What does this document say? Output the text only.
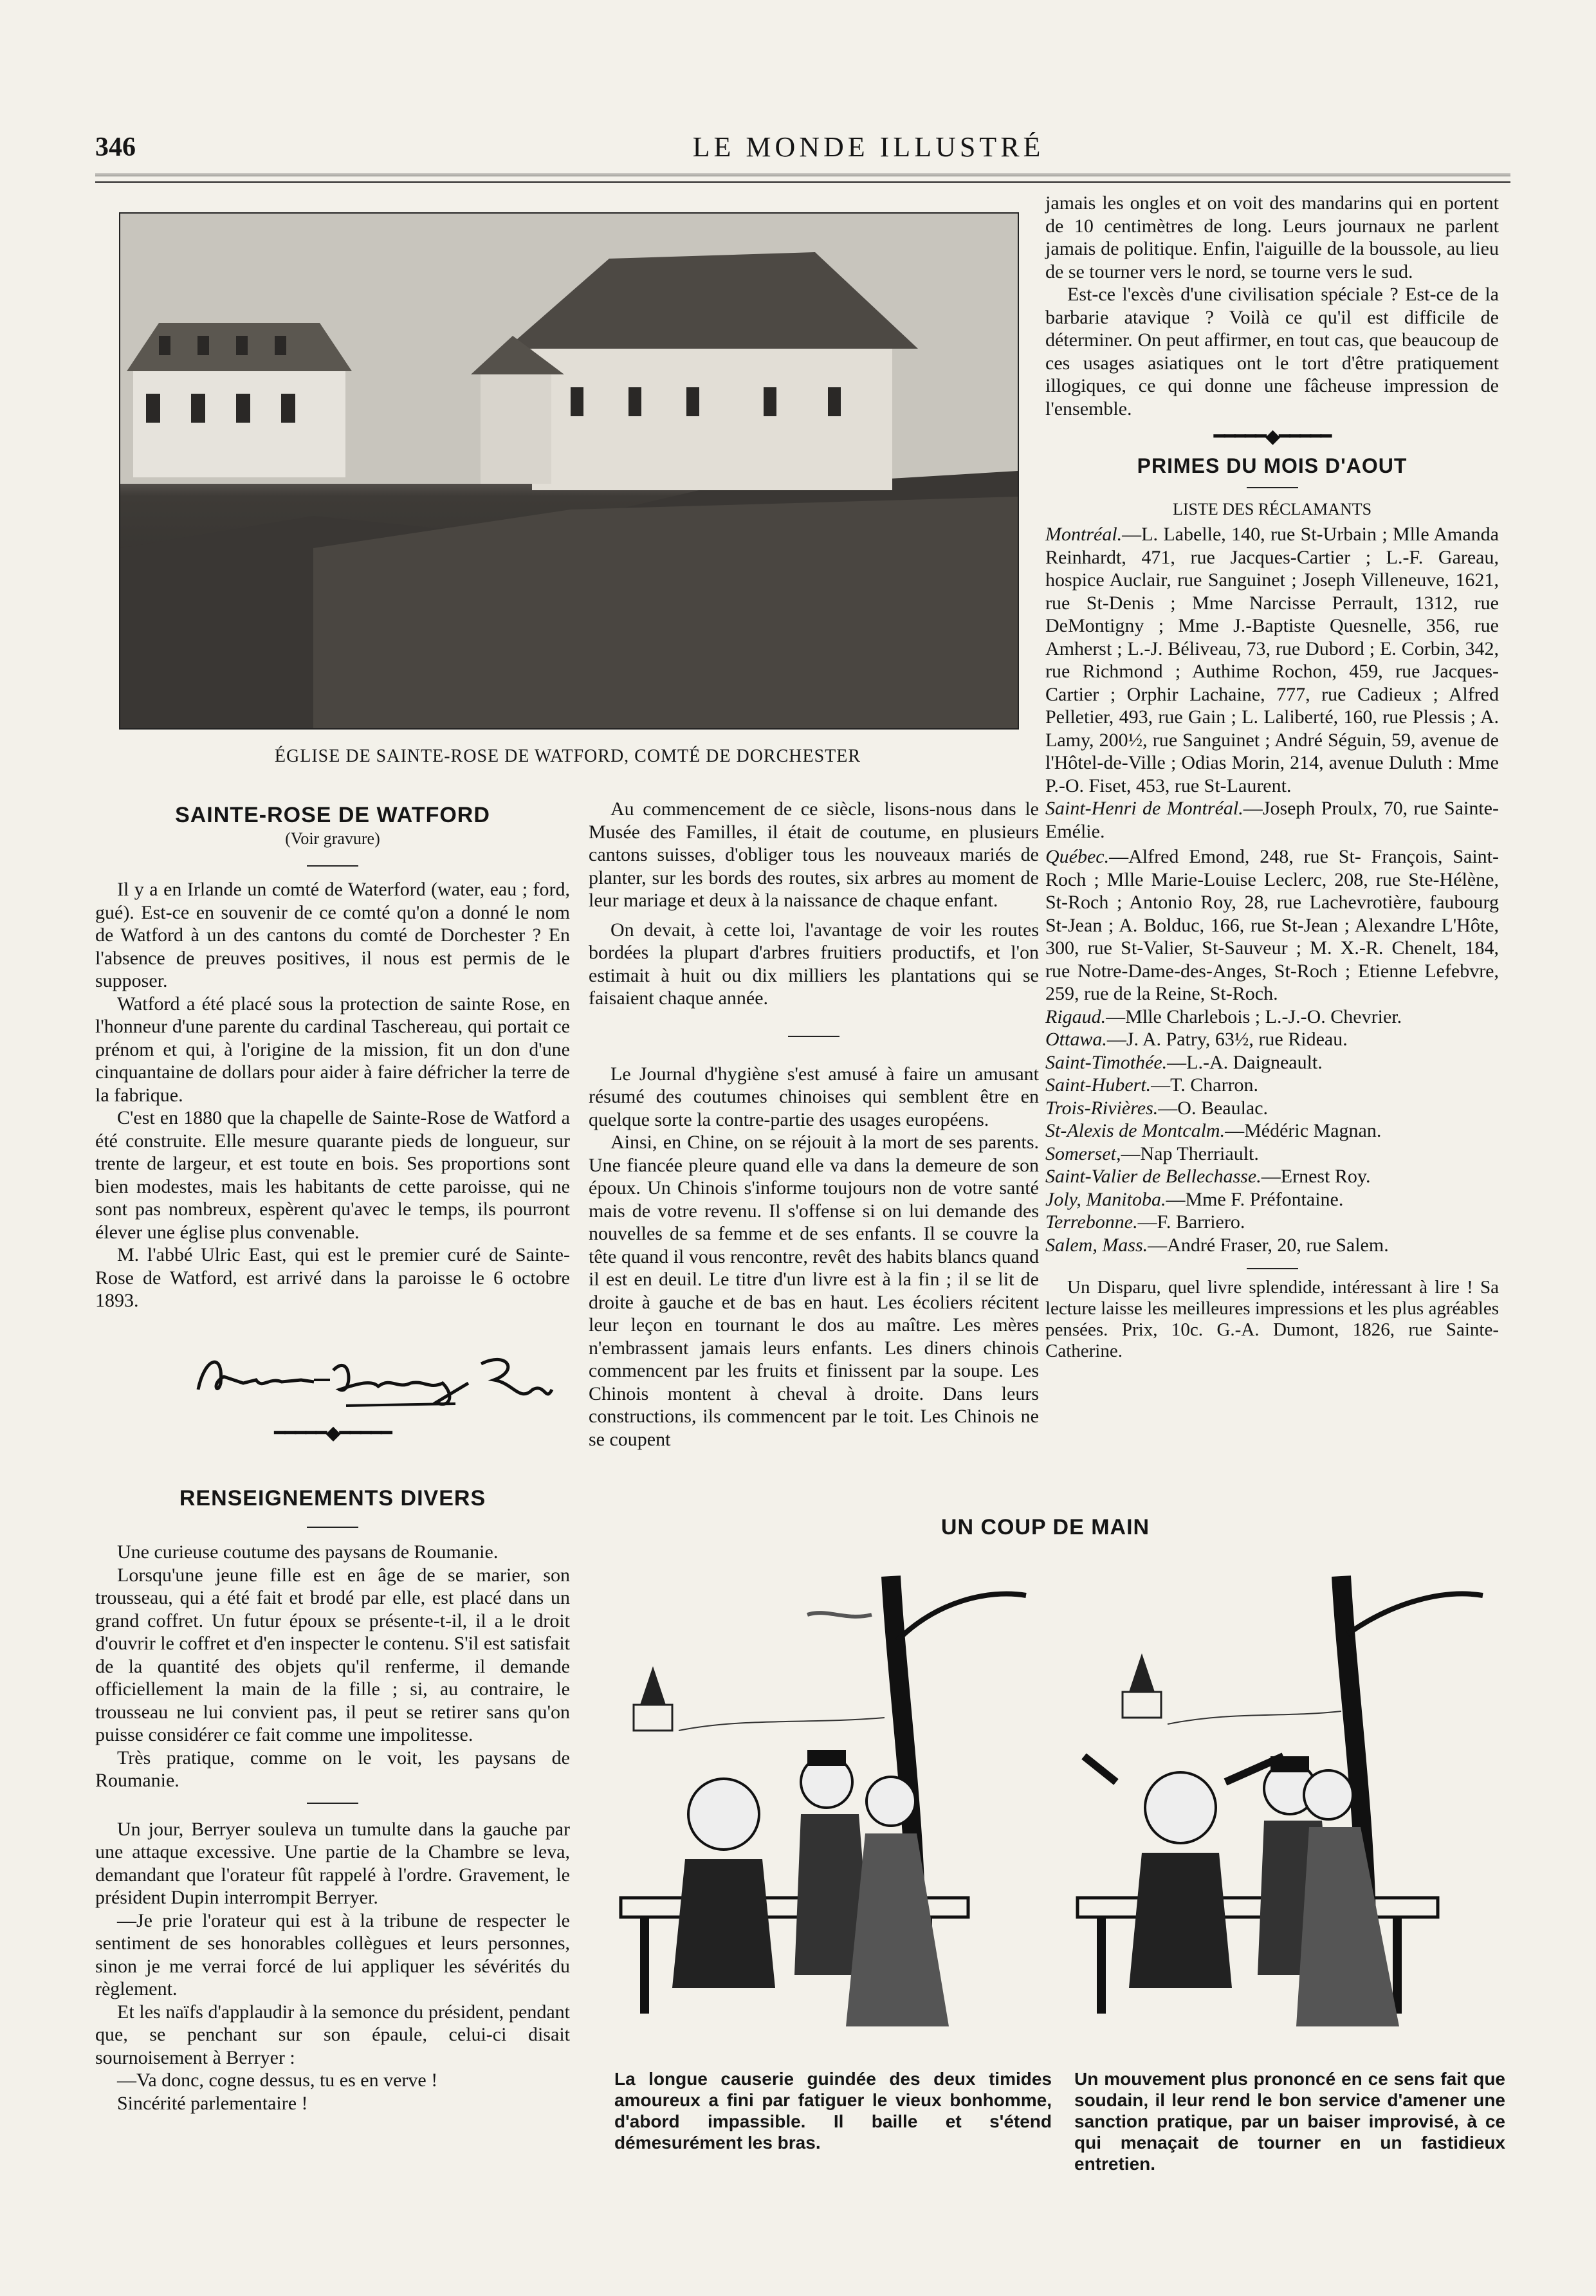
346	LE MONDE ILLUSTRÉ
ÉGLISE DE SAINTE-ROSE DE WATFORD, COMTÉ DE DORCHESTER
SAINTE-ROSE DE WATFORD
(Voir gravure)

Il y a en Irlande un comté de Waterford (water, eau ; ford, gué). Est-ce en souvenir de ce comté qu'on a donné le nom de Watford à un des cantons du comté de Dorchester ? En l'absence de preuves positives, il nous est permis de le supposer.

Watford a été placé sous la protection de sainte Rose, en l'honneur d'une parente du cardinal Taschereau, qui portait ce prénom et qui, à l'origine de la mission, fit un don d'une cinquantaine de dollars pour aider à faire défricher la terre de la fabrique.

C'est en 1880 que la chapelle de Sainte-Rose de Watford a été construite. Elle mesure quarante pieds de longueur, sur trente de largeur, et est toute en bois. Ses proportions sont bien modestes, mais les habitants de cette paroisse, qui ne sont pas nombreux, espèrent qu'avec le temps, ils pourront élever une église plus convenable.

M. l'abbé Ulric East, qui est le premier curé de Sainte-Rose de Watford, est arrivé dans la paroisse le 6 octobre 1893.

━━━━━◆━━━━━
RENSEIGNEMENTS DIVERS

Une curieuse coutume des paysans de Roumanie.

Lorsqu'une jeune fille est en âge de se marier, son trousseau, qui a été fait et brodé par elle, est placé dans un grand coffret. Un futur époux se présente-t-il, il a le droit d'ouvrir le coffret et d'en inspecter le contenu. S'il est satisfait de la quantité des objets qu'il renferme, il demande officiellement la main de la fille ; si, au contraire, le trousseau ne lui convient pas, il peut se retirer sans qu'on puisse considérer ce fait comme une impolitesse.

Très pratique, comme on le voit, les paysans de Roumanie.

Un jour, Berryer souleva un tumulte dans la gauche par une attaque excessive. Une partie de la Chambre se leva, demandant que l'orateur fût rappelé à l'ordre. Gravement, le président Dupin interrompit Berryer.

—Je prie l'orateur qui est à la tribune de respecter le sentiment de ses honorables collègues et leurs personnes, sinon je me verrai forcé de lui appliquer les sévérités du règlement.

Et les naïfs d'applaudir à la semonce du président, pendant que, se penchant sur son épaule, celui-ci disait sournoisement à Berryer :

—Va donc, cogne dessus, tu es en verve !

Sincérité parlementaire !

Au commencement de ce siècle, lisons-nous dans le Musée des Familles, il était de coutume, en plusieurs cantons suisses, d'obliger tous les nouveaux mariés de planter, sur les bords des routes, six arbres au moment de leur mariage et deux à la naissance de chaque enfant.

On devait, à cette loi, l'avantage de voir les routes bordées la plupart d'arbres fruitiers productifs, et l'on estimait à huit ou dix milliers les plantations qui se faisaient chaque année.

Le Journal d'hygiène s'est amusé à faire un amusant résumé des coutumes chinoises qui semblent être en quelque sorte la contre-partie des usages européens.

Ainsi, en Chine, on se réjouit à la mort de ses parents. Une fiancée pleure quand elle va dans la demeure de son époux. Un Chinois s'informe toujours non de votre santé mais de votre revenu. Il s'offense si on lui demande des nouvelles de sa femme et de ses enfants. Il se couvre la tête quand il vous rencontre, revêt des habits blancs quand il est en deuil. Le titre d'un livre est à la fin ; il se lit de droite à gauche et de bas en haut. Les écoliers récitent leur leçon en tournant le dos au maître. Les mères n'embrassent jamais leurs enfants. Les diners chinois commencent par les fruits et finissent par la soupe. Les Chinois montent à cheval à droite. Dans leurs constructions, ils commencent par le toit. Les Chinois ne se coupent

jamais les ongles et on voit des mandarins qui en portent de 10 centimètres de long. Leurs journaux ne parlent jamais de politique. Enfin, l'aiguille de la boussole, au lieu de se tourner vers le nord, se tourne vers le sud.

Est-ce l'excès d'une civilisation spéciale ? Est-ce de la barbarie atavique ? Voilà ce qu'il est difficile de déterminer. On peut affirmer, en tout cas, que beaucoup de ces usages asiatiques ont le tort d'être pratiquement illogiques, ce qui donne une fâcheuse impression de l'ensemble.

━━━━━◆━━━━━
PRIMES DU MOIS D'AOUT
LISTE DES RÉCLAMANTS

Montréal.—L. Labelle, 140, rue St-Urbain ; Mlle Amanda Reinhardt, 471, rue Jacques-Cartier ; L.-F. Gareau, hospice Auclair, rue Sanguinet ; Joseph Villeneuve, 1621, rue St-Denis ; Mme Narcisse Perrault, 1312, rue DeMontigny ; Mme J.-Baptiste Quesnelle, 356, rue Amherst ; L.-J. Béliveau, 73, rue Dubord ; E. Corbin, 342, rue Richmond ; Authime Rochon, 459, rue Jacques-Cartier ; Orphir Lachaine, 777, rue Cadieux ; Alfred Pelletier, 493, rue Gain ; L. Laliberté, 160, rue Plessis ; A. Lamy, 200½, rue Sanguinet ; André Séguin, 59, avenue de l'Hôtel-de-Ville ; Odias Morin, 214, avenue Duluth : Mme P.-O. Fiset, 453, rue St-Laurent.

Saint-Henri de Montréal.—Joseph Proulx, 70, rue Sainte-Emélie.

Québec.—Alfred Emond, 248, rue St- François, Saint-Roch ; Mlle Marie-Louise Leclerc, 208, rue Ste-Hélène, St-Roch ; Antonio Roy, 28, rue Lachevrotière, faubourg St-Jean ; A. Bolduc, 166, rue St-Jean ; Alexandre L'Hôte, 300, rue St-Valier, St-Sauveur ; M. X.-R. Chenelt, 184, rue Notre-Dame-des-Anges, St-Roch ; Etienne Lefebvre, 259, rue de la Reine, St-Roch.

Rigaud.—Mlle Charlebois ; L.-J.-O. Chevrier.

Ottawa.—J. A. Patry, 63½, rue Rideau.

Saint-Timothée.—L.-A. Daigneault.

Saint-Hubert.—T. Charron.

Trois-Rivières.—O. Beaulac.

St-Alexis de Montcalm.—Médéric Magnan.

Somerset,—Nap Therriault.

Saint-Valier de Bellechasse.—Ernest Roy.

Joly, Manitoba.—Mme F. Préfontaine.

Terrebonne.—F. Barriero.

Salem, Mass.—André Fraser, 20, rue Salem.

Un Disparu, quel livre splendide, intéressant à lire ! Sa lecture laisse les meilleures impressions et les plus agréables pensées. Prix, 10c. G.-A. Dumont, 1826, rue Sainte-Catherine.

UN COUP DE MAIN
La longue causerie guindée des deux timides amoureux a fini par fatiguer le vieux bonhomme, d'abord impassible. Il baille et s'étend démesurément les bras.
Un mouvement plus prononcé en ce sens fait que soudain, il leur rend le bon service d'amener une sanction pratique, par un baiser improvisé, à ce qui menaçait de tourner en un fastidieux entretien.
